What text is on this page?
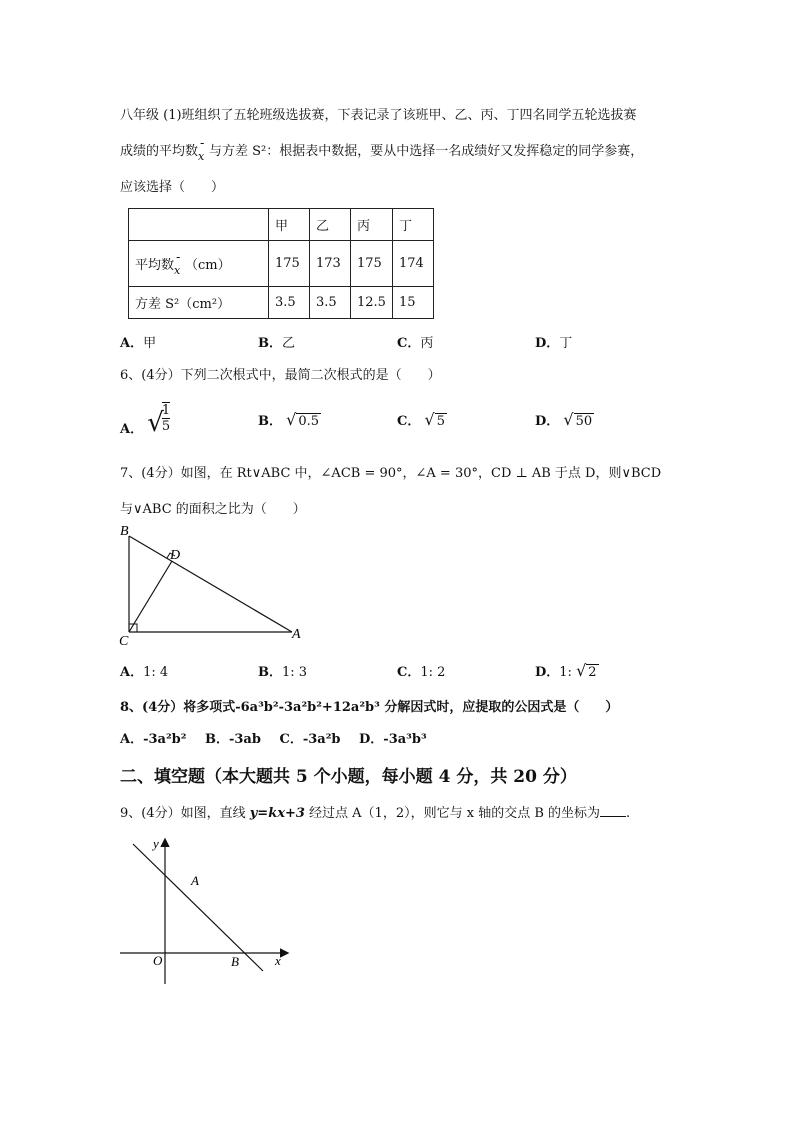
八年级 (1)班组织了五轮班级选拔赛，下表记录了该班甲、乙、丙、丁四名同学五轮选拔赛
成绩的平均数
-
$_x$ 与方差 S²：根据表中数据，要从中选择一名成绩好又发挥稳定的同学参赛，
应该选择（　　）
	甲	乙	丙	丁
平均数
-
$_x$ （cm）	175	173	175	174
方差 S²（cm²）	3.5	3.5	12.5	15
A．甲	B．乙	C．丙	D．丁
6、(4分）下列二次根式中，最简二次根式的是（　　）
A． √
$\frac{1}{5}$	B． √ 0.5	C． √ 5	D． √ 50
7、(4分）如图，在 Rt∨ABC 中，∠ACB = 90°，∠A = 30°，CD ⊥ AB 于点 D，则∨BCD
与∨ABC 的面积之比为（　　）
B
D
C	A
A．1: 4	B．1: 3	C．1: 2	D．1: √ 2
8、(4分）将多项式-6a³b²-3a²b²+12a²b³ 分解因式时，应提取的公因式是（　　）
A．-3a²b² B．-3ab C．-3a²b D．-3a³b³
二、填空题（本大题共 5 个小题，每小题 4 分，共 20 分）
9、(4分）如图，直线 y=kx+3 经过点 A（1，2），则它与 x 轴的交点 B 的坐标为 .
y
x
O
A
B
